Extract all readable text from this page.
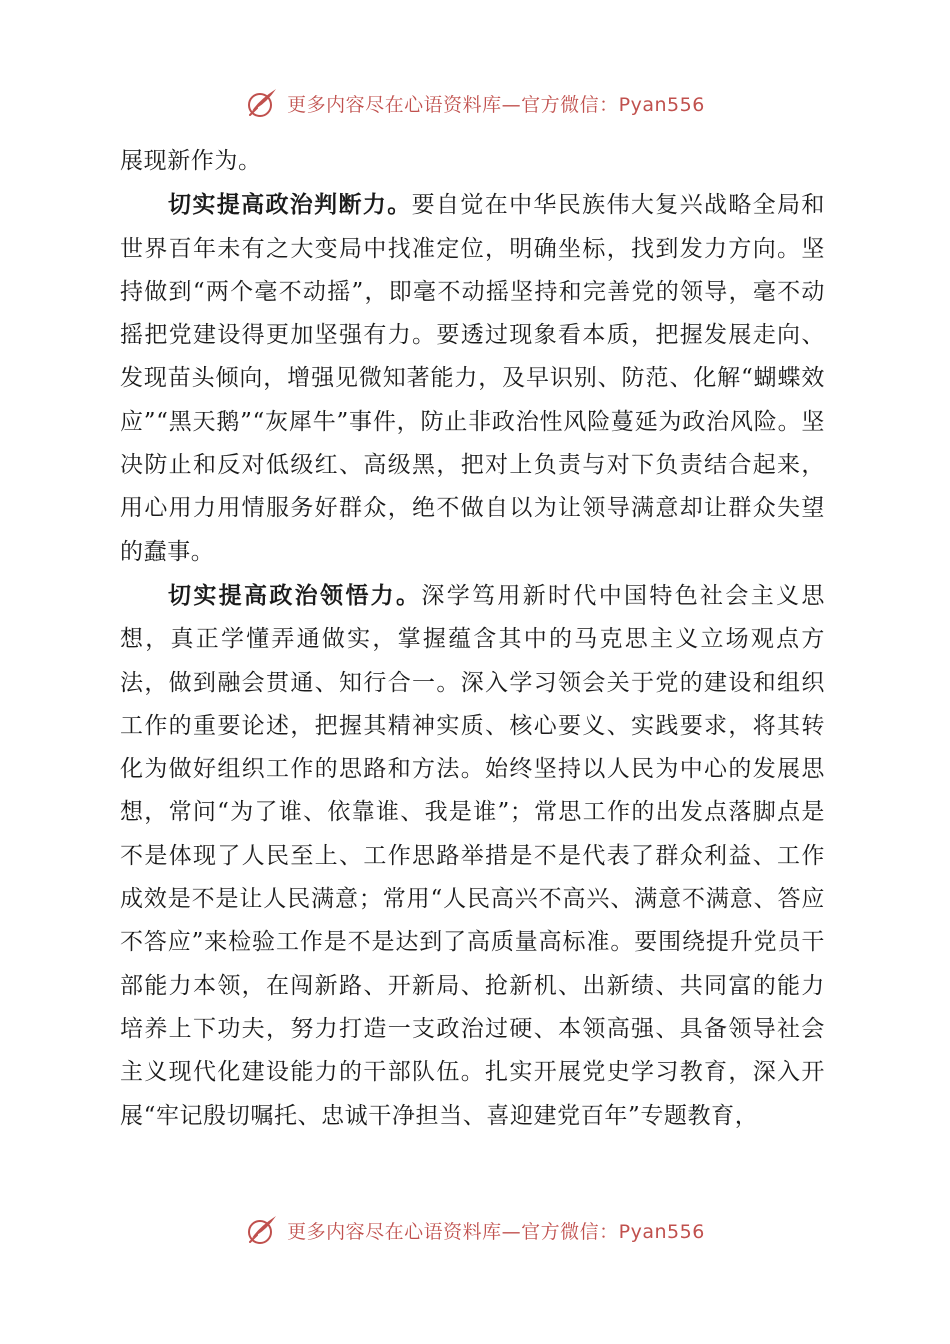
更多内容尽在心语资料库—官方微信：Pyan556

展现新作为。

切实提高政治判断力。要自觉在中华民族伟大复兴战略全局和世界百年未有之大变局中找准定位，明确坐标，找到发力方向。坚持做到“两个毫不动摇”，即毫不动摇坚持和完善党的领导，毫不动摇把党建设得更加坚强有力。要透过现象看本质，把握发展走向、发现苗头倾向，增强见微知著能力，及早识别、防范、化解“蝴蝶效应”“黑天鹅”“灰犀牛”事件，防止非政治性风险蔓延为政治风险。坚决防止和反对低级红、高级黑，把对上负责与对下负责结合起来，用心用力用情服务好群众，绝不做自以为让领导满意却让群众失望的蠢事。

切实提高政治领悟力。深学笃用新时代中国特色社会主义思想，真正学懂弄通做实，掌握蕴含其中的马克思主义立场观点方法，做到融会贯通、知行合一。深入学习领会关于党的建设和组织工作的重要论述，把握其精神实质、核心要义、实践要求，将其转化为做好组织工作的思路和方法。始终坚持以人民为中心的发展思想，常问“为了谁、依靠谁、我是谁”；常思工作的出发点落脚点是不是体现了人民至上、工作思路举措是不是代表了群众利益、工作成效是不是让人民满意；常用“人民高兴不高兴、满意不满意、答应不答应”来检验工作是不是达到了高质量高标准。要围绕提升党员干部能力本领，在闯新路、开新局、抢新机、出新绩、共同富的能力培养上下功夫，努力打造一支政治过硬、本领高强、具备领导社会主义现代化建设能力的干部队伍。扎实开展党史学习教育，深入开展“牢记殷切嘱托、忠诚干净担当、喜迎建党百年”专题教育，

更多内容尽在心语资料库—官方微信：Pyan556
